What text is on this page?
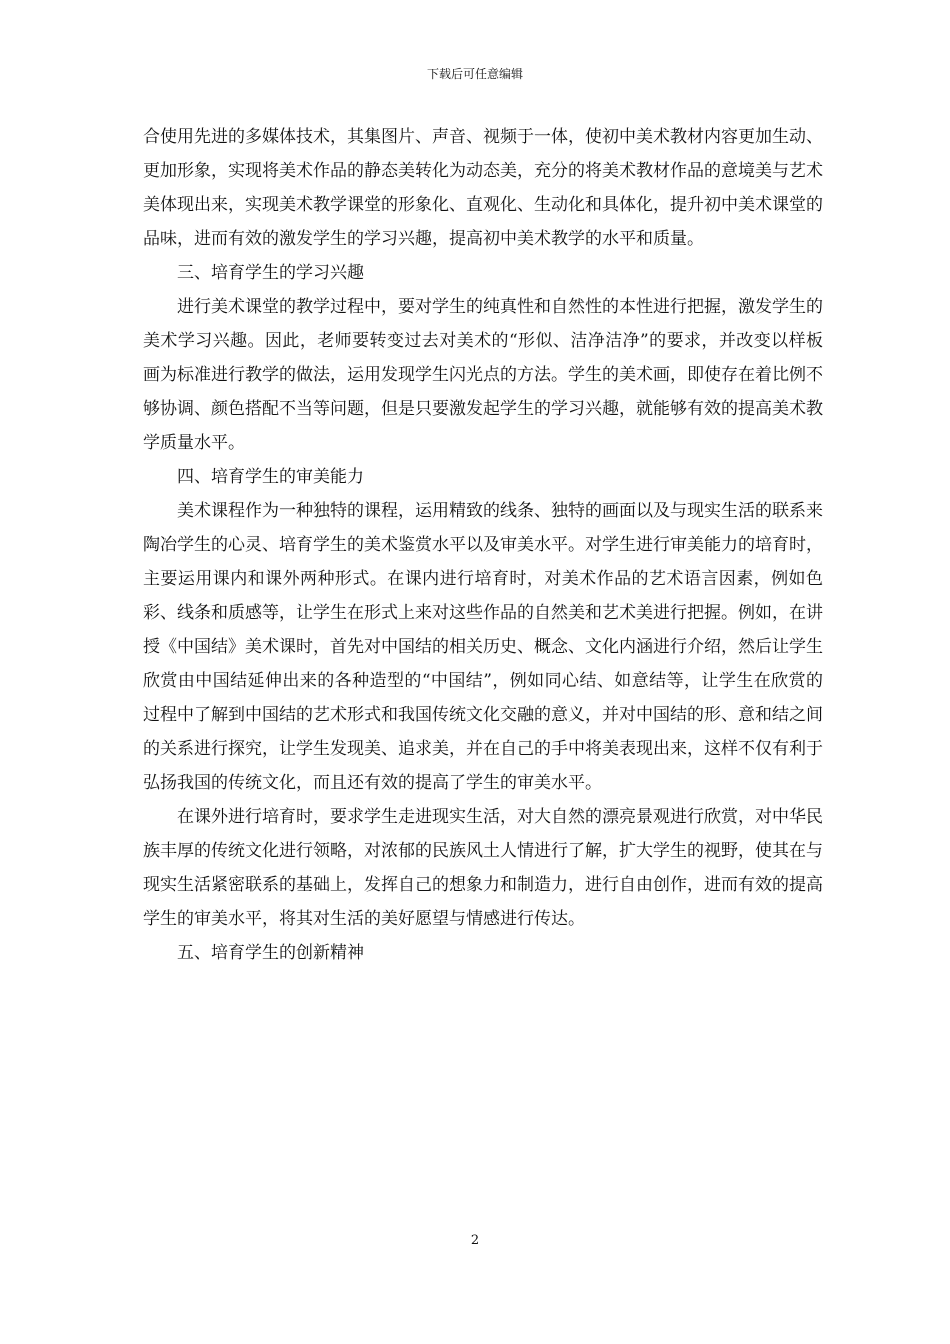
下载后可任意编辑

合使用先进的多媒体技术，其集图片、声音、视频于一体，使初中美术教材内容更加生动、更加形象，实现将美术作品的静态美转化为动态美，充分的将美术教材作品的意境美与艺术美体现出来，实现美术教学课堂的形象化、直观化、生动化和具体化，提升初中美术课堂的品味，进而有效的激发学生的学习兴趣，提高初中美术教学的水平和质量。

三、培育学生的学习兴趣

进行美术课堂的教学过程中，要对学生的纯真性和自然性的本性进行把握，激发学生的美术学习兴趣。因此，老师要转变过去对美术的“形似、洁净洁净”的要求，并改变以样板画为标准进行教学的做法，运用发现学生闪光点的方法。学生的美术画，即使存在着比例不够协调、颜色搭配不当等问题，但是只要激发起学生的学习兴趣，就能够有效的提高美术教学质量水平。

四、培育学生的审美能力

美术课程作为一种独特的课程，运用精致的线条、独特的画面以及与现实生活的联系来陶冶学生的心灵、培育学生的美术鉴赏水平以及审美水平。对学生进行审美能力的培育时，主要运用课内和课外两种形式。在课内进行培育时，对美术作品的艺术语言因素，例如色彩、线条和质感等，让学生在形式上来对这些作品的自然美和艺术美进行把握。例如，在讲授《中国结》美术课时，首先对中国结的相关历史、概念、文化内涵进行介绍，然后让学生欣赏由中国结延伸出来的各种造型的“中国结”，例如同心结、如意结等，让学生在欣赏的过程中了解到中国结的艺术形式和我国传统文化交融的意义，并对中国结的形、意和结之间的关系进行探究，让学生发现美、追求美，并在自己的手中将美表现出来，这样不仅有利于弘扬我国的传统文化，而且还有效的提高了学生的审美水平。

在课外进行培育时，要求学生走进现实生活，对大自然的漂亮景观进行欣赏，对中华民族丰厚的传统文化进行领略，对浓郁的民族风土人情进行了解，扩大学生的视野，使其在与现实生活紧密联系的基础上，发挥自己的想象力和制造力，进行自由创作，进而有效的提高学生的审美水平，将其对生活的美好愿望与情感进行传达。

五、培育学生的创新精神

2
